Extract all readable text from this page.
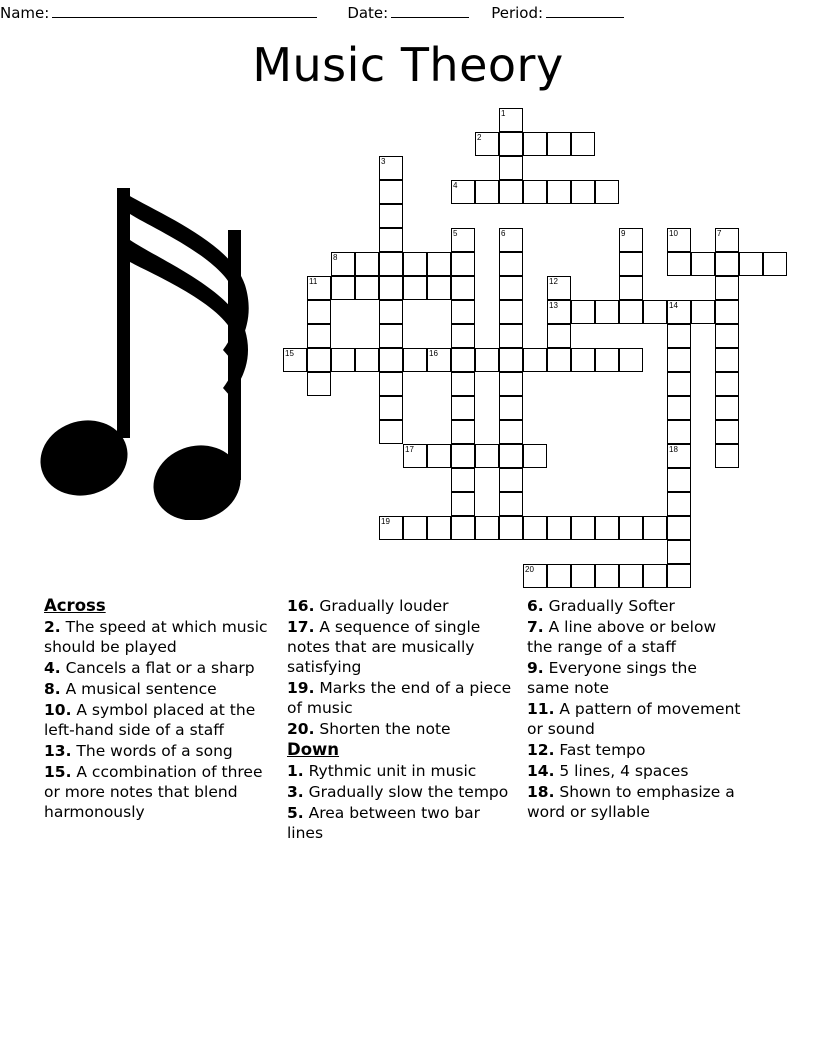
Name:	Date:	Period:
Music Theory
1
2
3
4
5	6	9	10	7
8
11	12
13	14
15	16
17	18
19
20
Across
2. The speed at which music should be played
4. Cancels a flat or a sharp
8. A musical sentence
10. A symbol placed at the left-hand side of a staff
13. The words of a song
15. A ccombination of three or more notes that blend harmonously
16. Gradually louder
17. A sequence of single notes that are musically satisfying
19. Marks the end of a piece of music
20. Shorten the note
Down
1. Rythmic unit in music
3. Gradually slow the tempo
5. Area between two bar lines
6. Gradually Softer
7. A line above or below the range of a staff
9. Everyone sings the same note
11. A pattern of movement or sound
12. Fast tempo
14. 5 lines, 4 spaces
18. Shown to emphasize a word or syllable
